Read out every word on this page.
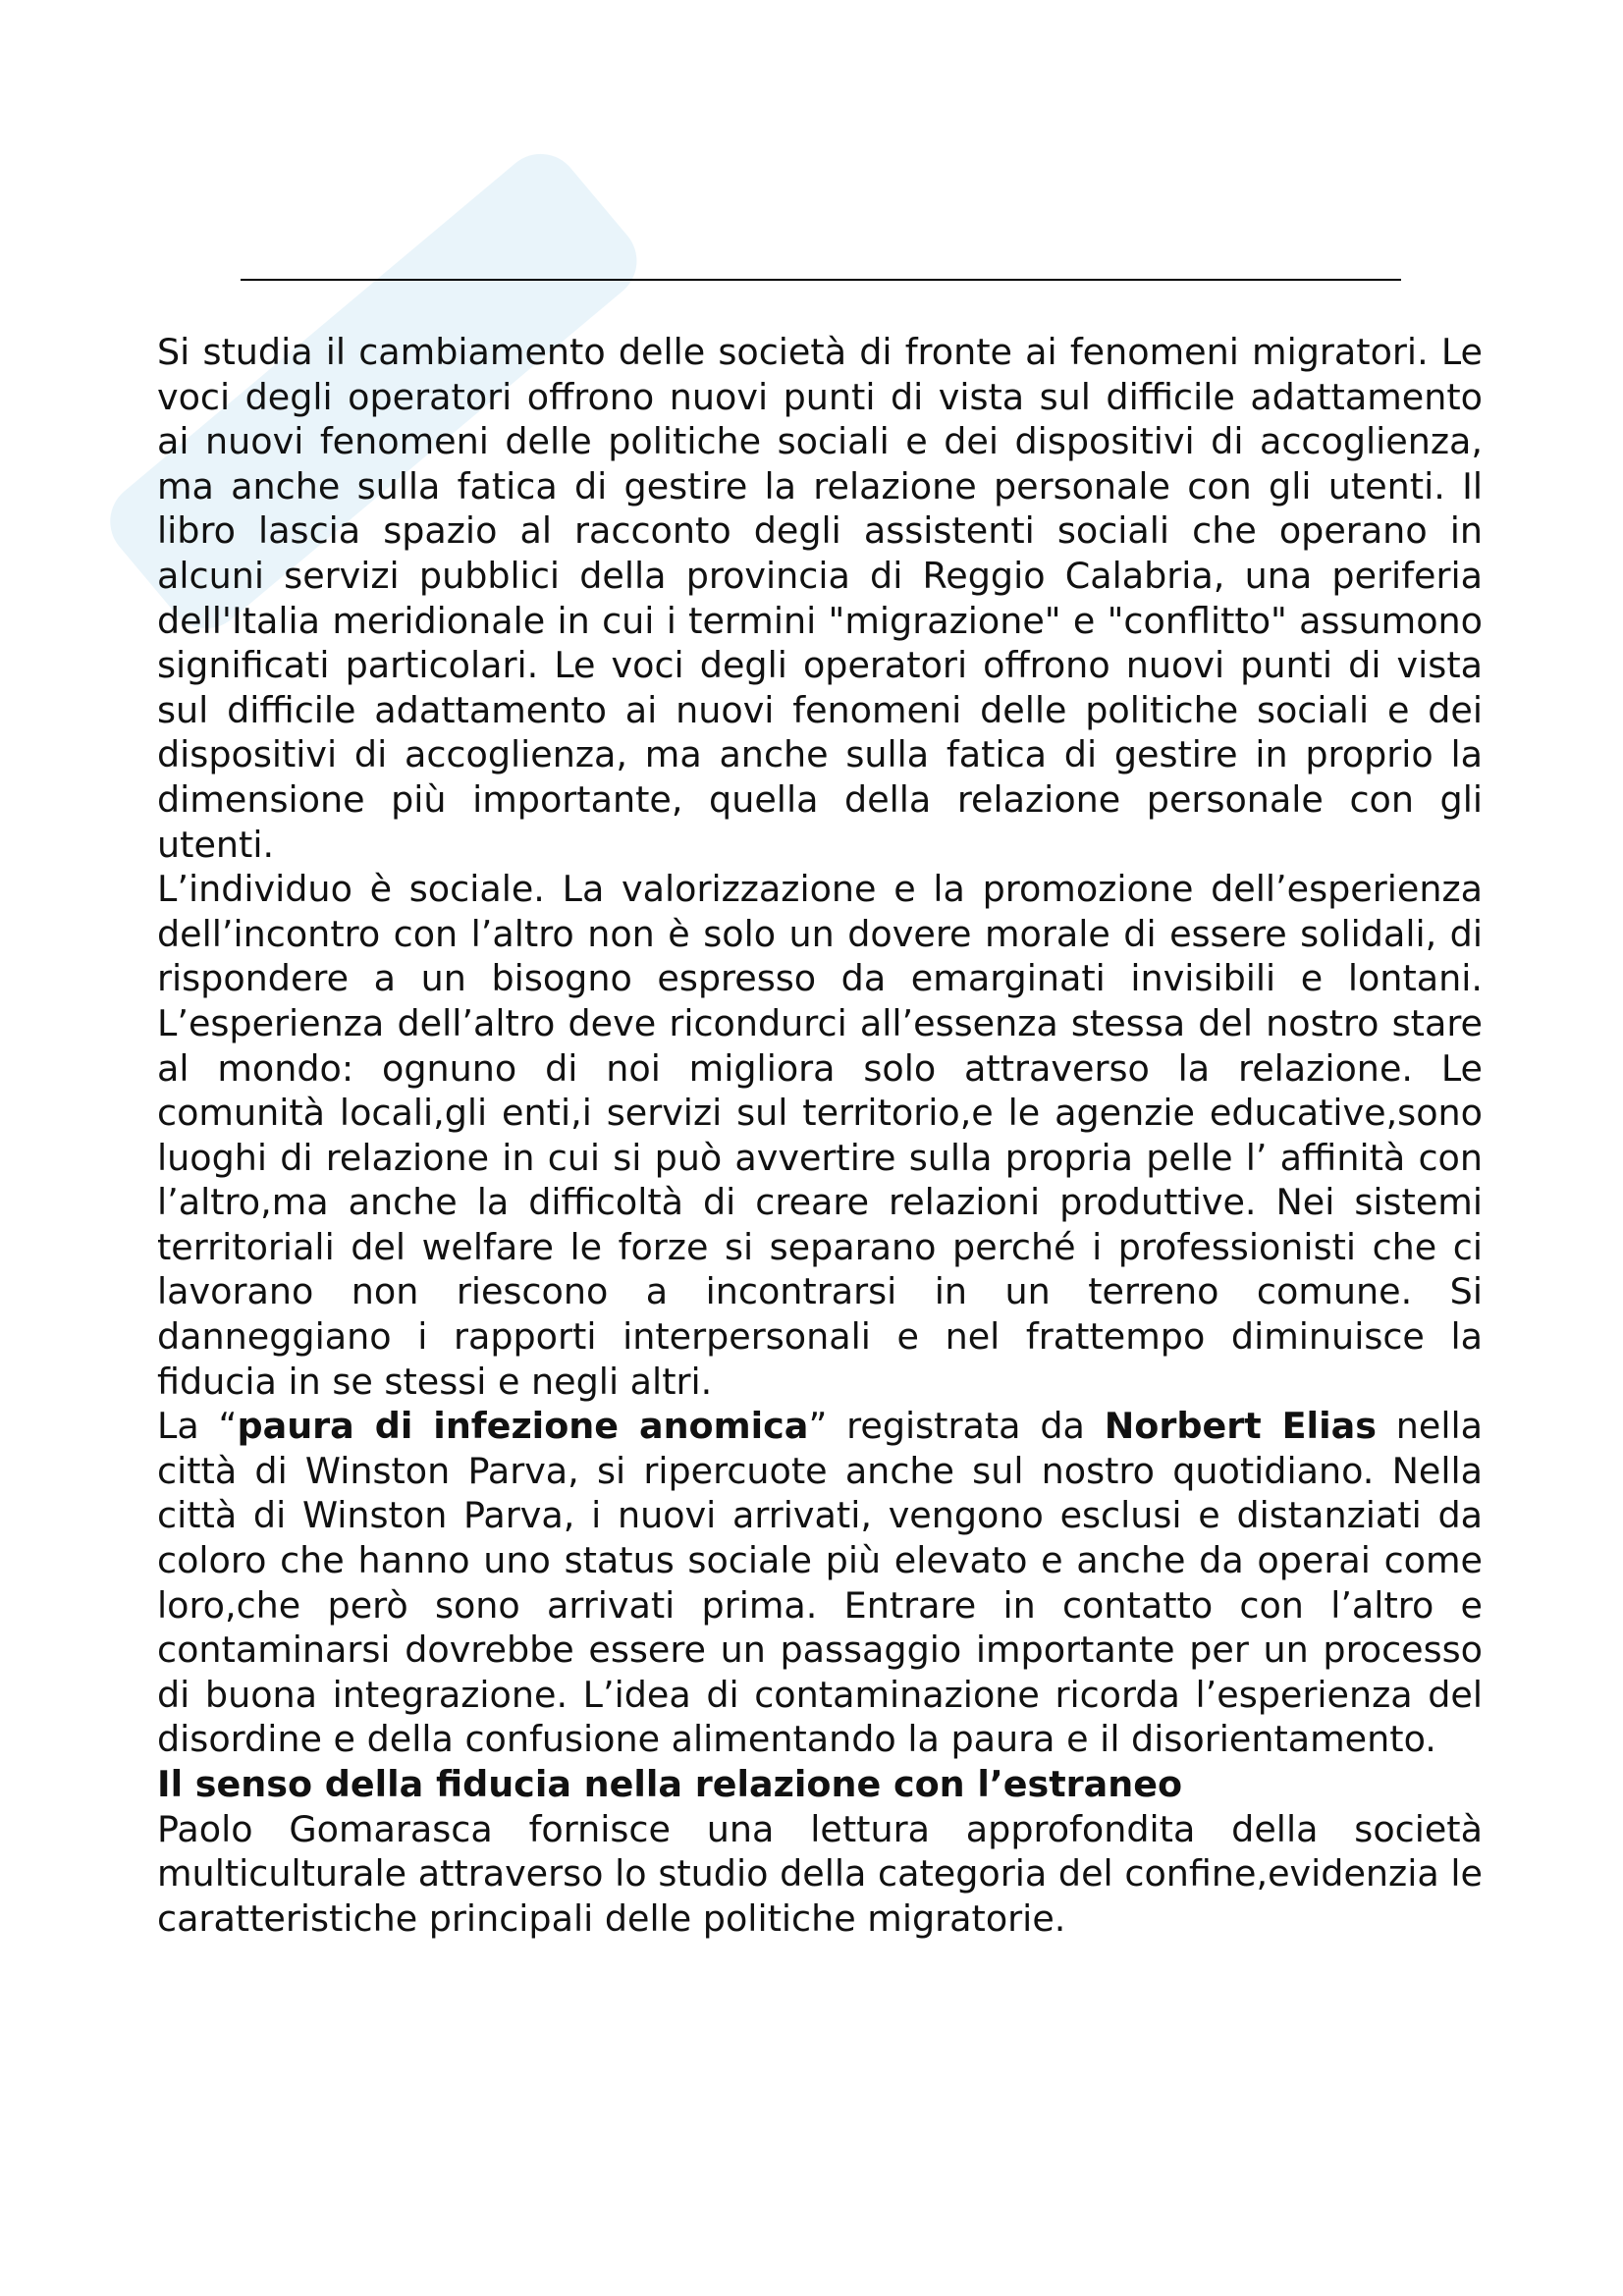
Si studia il cambiamento delle società di fronte ai fenomeni migratori. Le voci degli operatori offrono nuovi punti di vista sul difficile adattamento ai nuovi fenomeni delle politiche sociali e dei dispositivi di accoglienza, ma anche sulla fatica di gestire la relazione personale con gli utenti. Il libro lascia spazio al racconto degli assistenti sociali che operano in alcuni servizi pubblici della provincia di Reggio Calabria, una periferia dell'Italia meridionale in cui i termini "migrazione" e "conflitto" assumono significati particolari. Le voci degli operatori offrono nuovi punti di vista sul difficile adattamento ai nuovi fenomeni delle politiche sociali e dei dispositivi di accoglienza, ma anche sulla fatica di gestire in proprio la dimensione più importante, quella della relazione personale con gli utenti.

L’individuo è sociale. La valorizzazione e la promozione dell’esperienza dell’incontro con l’altro non è solo un dovere morale di essere solidali, di rispondere a un bisogno espresso da emarginati invisibili e lontani. L’esperienza dell’altro deve ricondurci all’essenza stessa del nostro stare al mondo: ognuno di noi migliora solo attraverso la relazione. Le comunità locali,gli enti,i servizi sul territorio,e le agenzie educative,sono luoghi di relazione in cui si può avvertire sulla propria pelle l’ affinità con l’altro,ma anche la difficoltà di creare relazioni produttive. Nei sistemi territoriali del welfare le forze si separano perché i professionisti che ci lavorano non riescono a incontrarsi in un terreno comune. Si danneggiano i rapporti interpersonali e nel frattempo diminuisce la fiducia in se stessi e negli altri.

La “paura di infezione anomica” registrata da Norbert Elias nella città di Winston Parva, si ripercuote anche sul nostro quotidiano. Nella città di Winston Parva, i nuovi arrivati, vengono esclusi e distanziati da coloro che hanno uno status sociale più elevato e anche da operai come loro,che però sono arrivati prima. Entrare in contatto con l’altro e contaminarsi dovrebbe essere un passaggio importante per un processo di buona integrazione. L’idea di contaminazione ricorda l’esperienza del disordine e della confusione alimentando la paura e il disorientamento.

Il senso della fiducia nella relazione con l’estraneo

Paolo Gomarasca fornisce una lettura approfondita della società multiculturale attraverso lo studio della categoria del confine,evidenzia le caratteristiche principali delle politiche migratorie.
